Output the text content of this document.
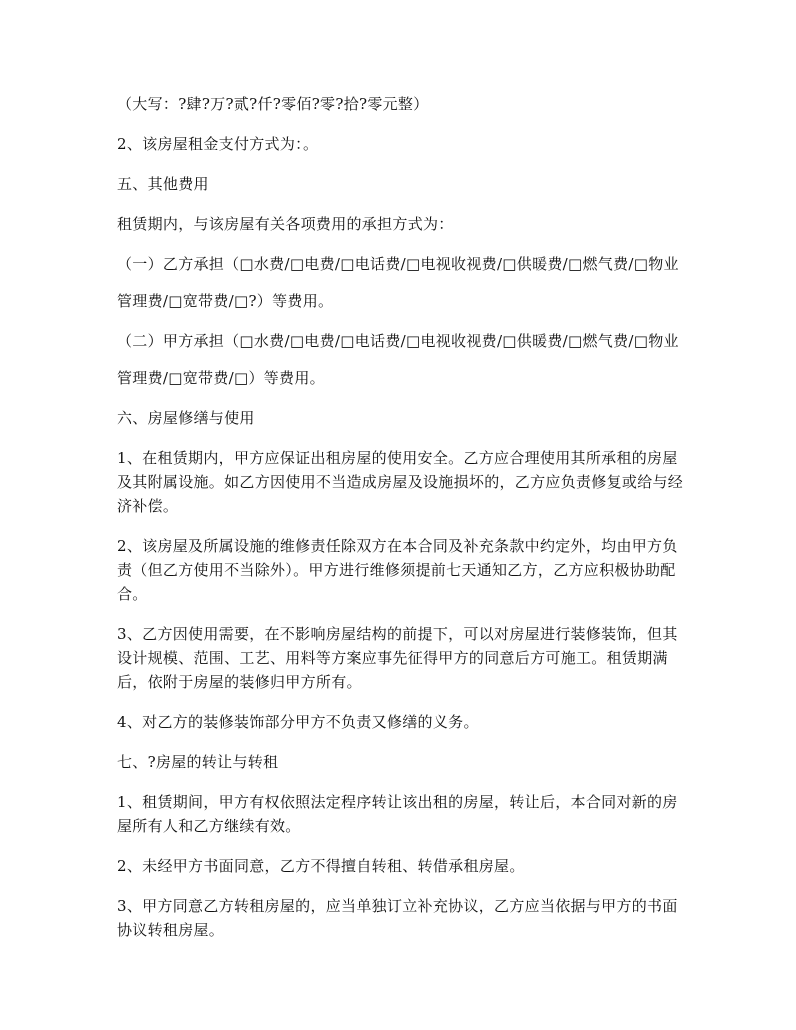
（大写：?肆?万?贰?仟?零佰?零?拾?零元整）

2、该房屋租金支付方式为：。

五、其他费用

租赁期内，与该房屋有关各项费用的承担方式为：

（一）乙方承担（□水费/□电费/□电话费/□电视收视费/□供暖费/□燃气费/□物业

管理费/□宽带费/□?）等费用。

（二）甲方承担（□水费/□电费/□电话费/□电视收视费/□供暖费/□燃气费/□物业

管理费/□宽带费/□）等费用。

六、房屋修缮与使用

1、在租赁期内，甲方应保证出租房屋的使用安全。乙方应合理使用其所承租的房屋及其附属设施。如乙方因使用不当造成房屋及设施损坏的，乙方应负责修复或给与经济补偿。

2、该房屋及所属设施的维修责任除双方在本合同及补充条款中约定外，均由甲方负责（但乙方使用不当除外）。甲方进行维修须提前七天通知乙方，乙方应积极协助配合。

3、乙方因使用需要，在不影响房屋结构的前提下，可以对房屋进行装修装饰，但其设计规模、范围、工艺、用料等方案应事先征得甲方的同意后方可施工。租赁期满后，依附于房屋的装修归甲方所有。

4、对乙方的装修装饰部分甲方不负责又修缮的义务。

七、?房屋的转让与转租

1、租赁期间，甲方有权依照法定程序转让该出租的房屋，转让后，本合同对新的房屋所有人和乙方继续有效。

2、未经甲方书面同意，乙方不得擅自转租、转借承租房屋。

3、甲方同意乙方转租房屋的，应当单独订立补充协议，乙方应当依据与甲方的书面协议转租房屋。
